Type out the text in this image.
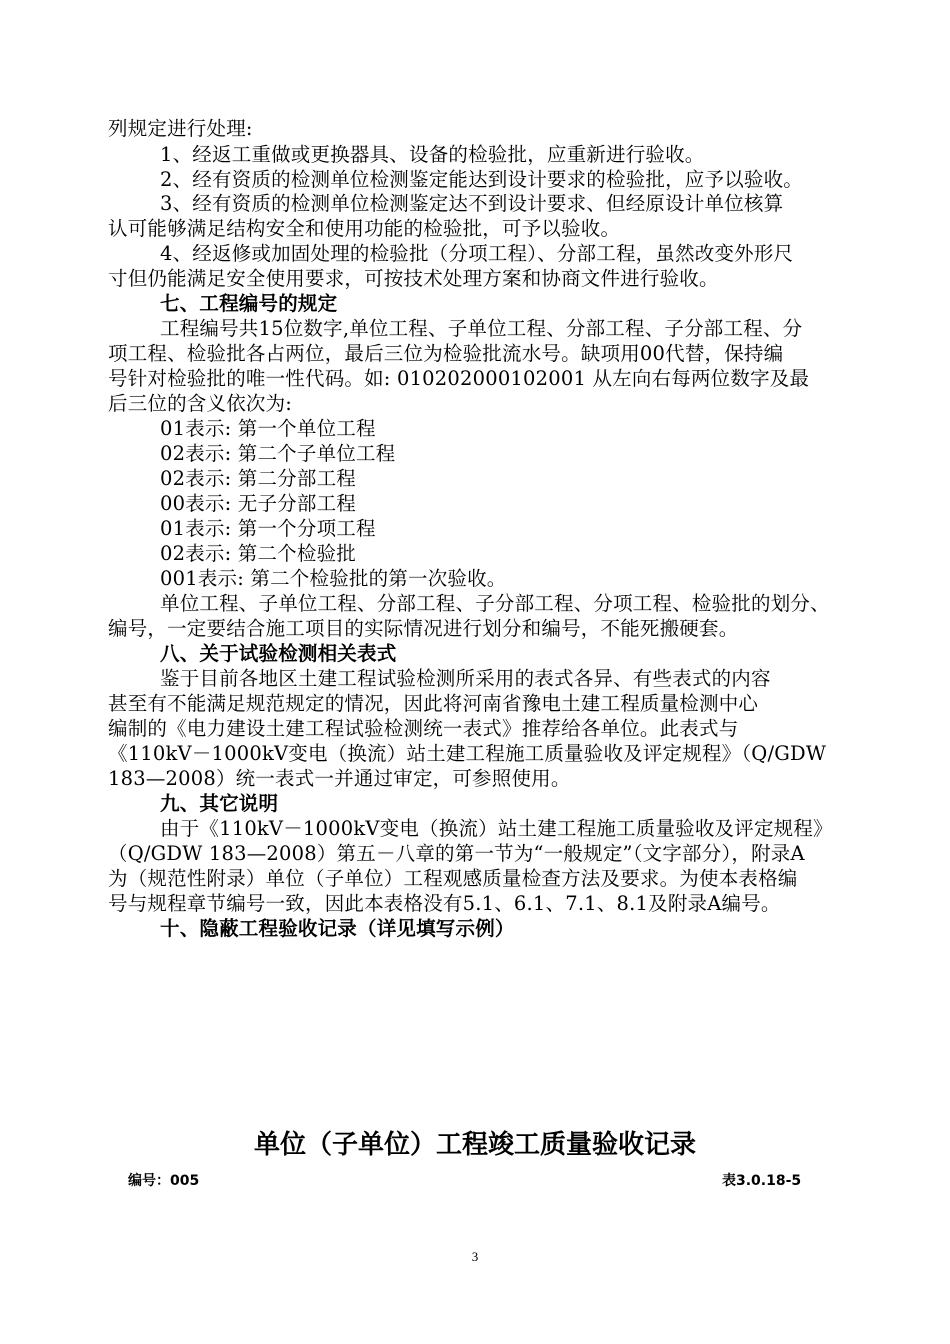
列规定进行处理:
1、经返工重做或更换器具、设备的检验批，应重新进行验收。
2、经有资质的检测单位检测鉴定能达到设计要求的检验批，应予以验收。
3、经有资质的检测单位检测鉴定达不到设计要求、但经原设计单位核算
认可能够满足结构安全和使用功能的检验批，可予以验收。
4、经返修或加固处理的检验批（分项工程）、分部工程，虽然改变外形尺
寸但仍能满足安全使用要求，可按技术处理方案和协商文件进行验收。
七、工程编号的规定
工程编号共15位数字,单位工程、子单位工程、分部工程、子分部工程、分
项工程、检验批各占两位，最后三位为检验批流水号。缺项用00代替，保持编
号针对检验批的唯一性代码。如: 010202000102001 从左向右每两位数字及最
后三位的含义依次为:
01表示: 第一个单位工程
02表示: 第二个子单位工程
02表示: 第二分部工程
00表示: 无子分部工程
01表示: 第一个分项工程
02表示: 第二个检验批
001表示: 第二个检验批的第一次验收。
单位工程、子单位工程、分部工程、子分部工程、分项工程、检验批的划分、
编号，一定要结合施工项目的实际情况进行划分和编号，不能死搬硬套。
八、关于试验检测相关表式
鉴于目前各地区土建工程试验检测所采用的表式各异、有些表式的内容
甚至有不能满足规范规定的情况，因此将河南省豫电土建工程质量检测中心
编制的《电力建设土建工程试验检测统一表式》推荐给各单位。此表式与
《110kV－1000kV变电（换流）站土建工程施工质量验收及评定规程》（Q/GDW
183—2008）统一表式一并通过审定，可参照使用。
九、其它说明
由于《110kV－1000kV变电（换流）站土建工程施工质量验收及评定规程》
（Q/GDW 183—2008）第五－八章的第一节为“一般规定”（文字部分），附录A
为（规范性附录）单位（子单位）工程观感质量检查方法及要求。为使本表格编
号与规程章节编号一致，因此本表格没有5.1、6.1、7.1、8.1及附录A编号。
十、隐蔽工程验收记录（详见填写示例）
单位（子单位）工程竣工质量验收记录
编号：005	表3.0.18-5
3
